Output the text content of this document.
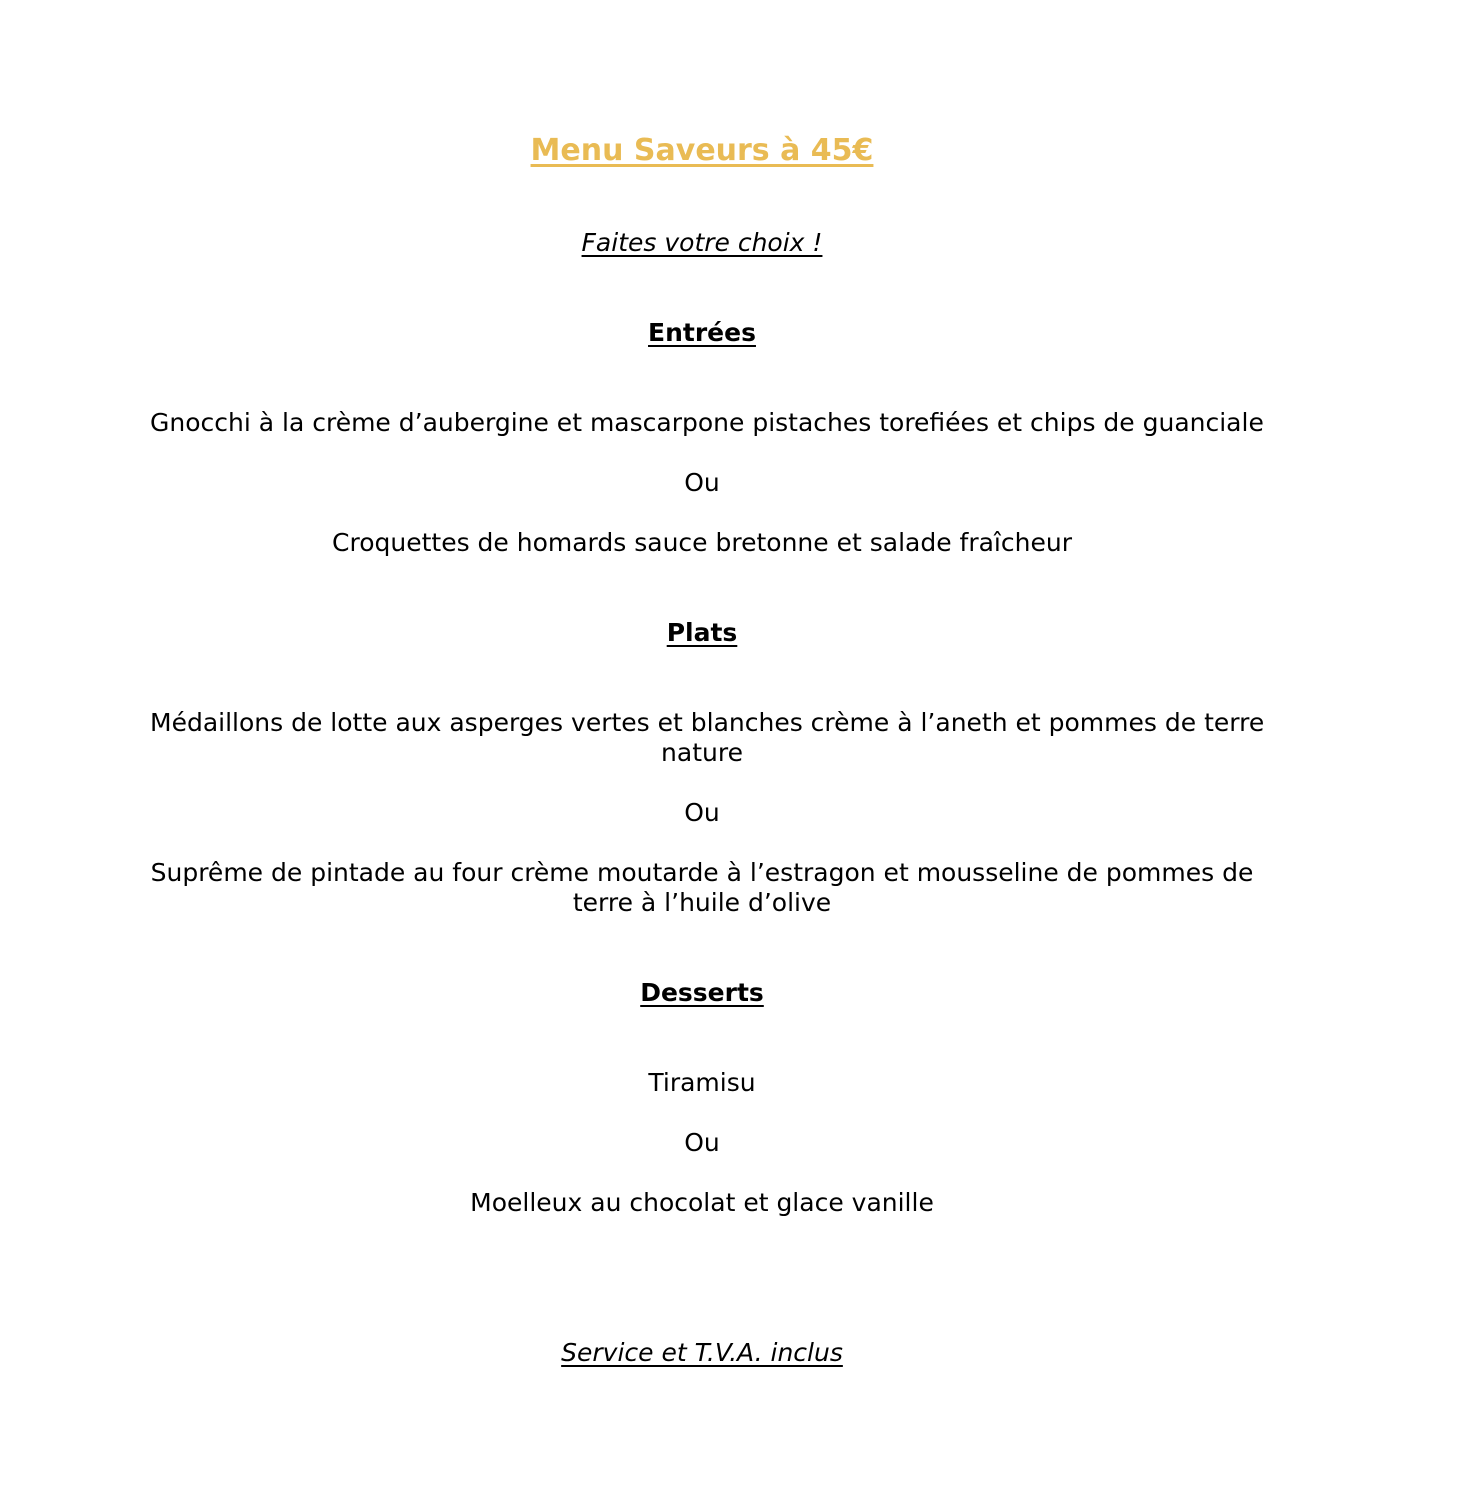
Menu Saveurs à 45€
Faites votre choix !
Entrées
Gnocchi à la crème d’aubergine et mascarpone pistaches torefiées et chips de guanciale
Ou
Croquettes de homards sauce bretonne et salade fraîcheur
Plats
Médaillons de lotte aux asperges vertes et blanches crème à l’aneth et pommes de terre
nature
Ou
Suprême de pintade au four crème moutarde à l’estragon et mousseline de pommes de
terre à l’huile d’olive
Desserts
Tiramisu
Ou
Moelleux au chocolat et glace vanille
Service et T.V.A. inclus
